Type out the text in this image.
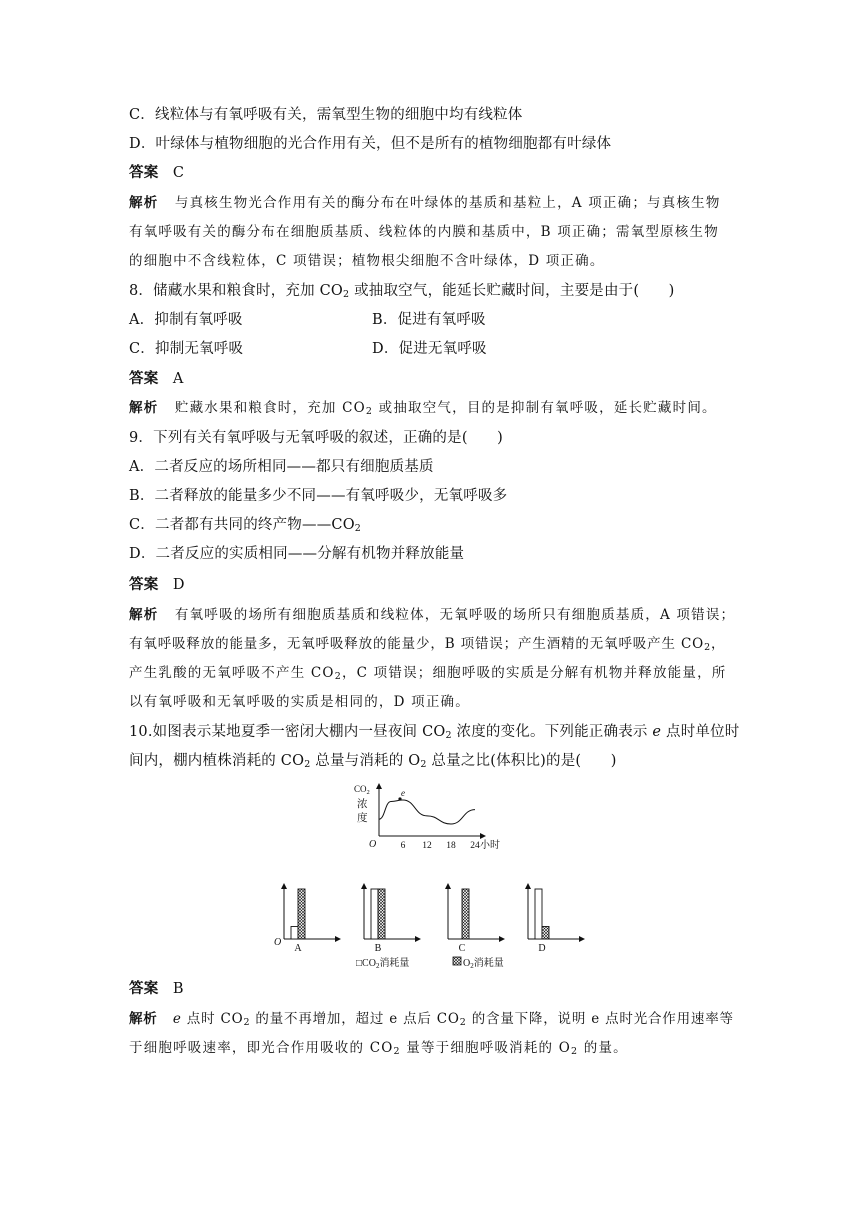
C．线粒体与有氧呼吸有关，需氧型生物的细胞中均有线粒体
D．叶绿体与植物细胞的光合作用有关，但不是所有的植物细胞都有叶绿体
答案 C
解析 与真核生物光合作用有关的酶分布在叶绿体的基质和基粒上，A 项正确；与真核生物
有氧呼吸有关的酶分布在细胞质基质、线粒体的内膜和基质中，B 项正确；需氧型原核生物
的细胞中不含线粒体，C 项错误；植物根尖细胞不含叶绿体，D 项正确。
8．储藏水果和粮食时，充加 $CO_2$ 或抽取空气，能延长贮藏时间，主要是由于(　　)
A．抑制有氧呼吸	B．促进有氧呼吸
C．抑制无氧呼吸	D．促进无氧呼吸
答案 A
解析 贮藏水果和粮食时，充加 $CO_2$ 或抽取空气，目的是抑制有氧呼吸，延长贮藏时间。
9．下列有关有氧呼吸与无氧呼吸的叙述，正确的是(　　)
A．二者反应的场所相同——都只有细胞质基质
B．二者释放的能量多少不同——有氧呼吸少，无氧呼吸多
C．二者都有共同的终产物$——CO_2$
D．二者反应的实质相同——分解有机物并释放能量
答案 D
解析 有氧呼吸的场所有细胞质基质和线粒体，无氧呼吸的场所只有细胞质基质，A 项错误；
有氧呼吸释放的能量多，无氧呼吸释放的能量少，B 项错误；产生酒精的无氧呼吸产生 $CO_2$，
产生乳酸的无氧呼吸不产生 $CO_2$，C 项错误；细胞呼吸的实质是分解有机物并释放能量，所
以有氧呼吸和无氧呼吸的实质是相同的，D 项正确。
10.如图表示某地夏季一密闭大棚内一昼夜间 $CO_2$ 浓度的变化。下列能正确表示 e 点时单位时
间内，棚内植株消耗的 $CO_2$ 总量与消耗的 $O_2$ 总量之比(体积比)的是(　　)
$CO_2$
浓
度
O
e
6 12 18 24 小时
O
A	B	C	D
$□CO_2$消耗量	$O_2$消耗量
答案 B
解析 e 点时 $CO_2$ 的量不再增加，超过 e 点后 $CO_2$ 的含量下降，说明 e 点时光合作用速率等
于细胞呼吸速率，即光合作用吸收的 $CO_2$ 量等于细胞呼吸消耗的 $O_2$ 的量。
